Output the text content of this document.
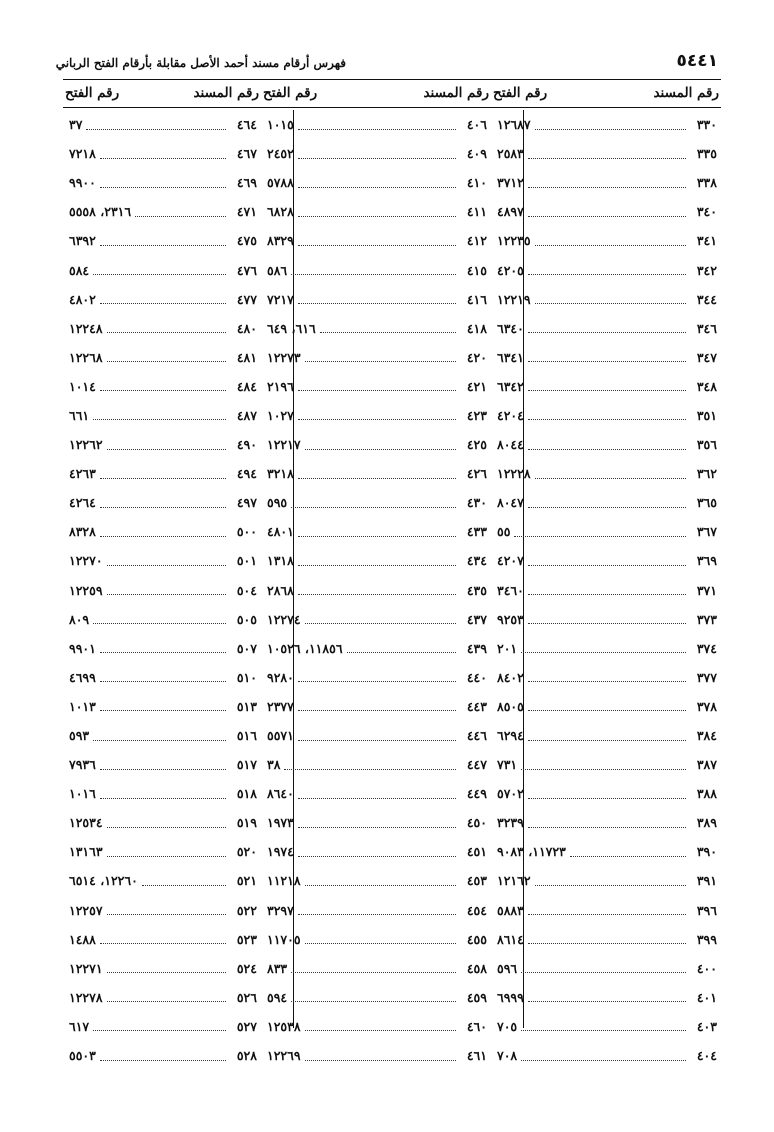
٥٤٤١
فهرس أرقام مسند أحمد الأصل مقابلة بأرقام الفتح الرباني
رقم المسند
رقم الفتح
رقم المسند
رقم الفتح
رقم المسند
رقم الفتح
٣٣٠
١٢٦٨٧
٣٣٥
٢٥٨٣
٣٣٨
٣٧١٢
٣٤٠
٤٨٩٧
٣٤١
١٢٢٣٥
٣٤٢
٤٢٠٥
٣٤٤
١٢٢١٩
٣٤٦
٦٣٤٠
٣٤٧
٦٣٤١
٣٤٨
٦٣٤٢
٣٥١
٤٢٠٤
٣٥٦
٨٠٤٤
٣٦٢
١٢٢٢٨
٣٦٥
٨٠٤٧
٣٦٧
٥٥
٣٦٩
٤٢٠٧
٣٧١
٣٤٦٠
٣٧٣
٩٢٥٣
٣٧٤
٢٠١
٣٧٧
٨٤٠٢
٣٧٨
٨٥٠٥
٣٨٤
٦٢٩٤
٣٨٧
٧٣١
٣٨٨
٥٧٠٢
٣٨٩
٣٢٣٩
٣٩٠
١١٧٢٣، ٩٠٨٣
٣٩١
١٢١٦٢
٣٩٦
٥٨٨٣
٣٩٩
٨٦١٤
٤٠٠
٥٩٦
٤٠١
٦٩٩٩
٤٠٣
٧٠٥
٤٠٤
٧٠٨
٤٠٦
١٠١٥
٤٠٩
٢٤٥٢
٤١٠
٥٧٨٨
٤١١
٦٨٢٨
٤١٢
٨٣٢٩
٤١٥
٥٨٦
٤١٦
٧٢١٧
٤١٨
٦١٦، ٦٤٩
٤٢٠
١٢٢٧٣
٤٢١
٢١٩٦
٤٢٣
١٠٢٧
٤٢٥
١٢٢١٧
٤٢٦
٣٢١٨
٤٣٠
٥٩٥
٤٣٣
٤٨٠١
٤٣٤
١٣١٨
٤٣٥
٢٨٦٨
٤٣٧
١٢٢٧٤
٤٣٩
١١٨٥٦، ١٠٥٢٦
٤٤٠
٩٢٨٠
٤٤٣
٢٣٧٧
٤٤٦
٥٥٧١
٤٤٧
٣٨
٤٤٩
٨٦٤٠
٤٥٠
١٩٧٣
٤٥١
١٩٧٤
٤٥٣
١١٢١٨
٤٥٤
٣٢٩٧
٤٥٥
١١٧٠٥
٤٥٨
٨٣٣
٤٥٩
٥٩٤
٤٦٠
١٢٥٣٨
٤٦١
١٢٢٦٩
٤٦٤
٣٧
٤٦٧
٧٢١٨
٤٦٩
٩٩٠٠
٤٧١
٢٣١٦، ٥٥٥٨
٤٧٥
٦٣٩٢
٤٧٦
٥٨٤
٤٧٧
٤٨٠٢
٤٨٠
١٢٢٤٨
٤٨١
١٢٢٦٨
٤٨٤
١٠١٤
٤٨٧
٦٦١
٤٩٠
١٢٢٦٢
٤٩٤
٤٢٦٣
٤٩٧
٤٢٦٤
٥٠٠
٨٣٢٨
٥٠١
١٢٢٧٠
٥٠٤
١٢٢٥٩
٥٠٥
٨٠٩
٥٠٧
٩٩٠١
٥١٠
٤٦٩٩
٥١٣
١٠١٣
٥١٦
٥٩٣
٥١٧
٧٩٣٦
٥١٨
١٠١٦
٥١٩
١٢٥٣٤
٥٢٠
١٣١٦٣
٥٢١
١٢٢٦٠، ٦٥١٤
٥٢٢
١٢٢٥٧
٥٢٣
١٤٨٨
٥٢٤
١٢٢٧١
٥٢٦
١٢٢٧٨
٥٢٧
٦١٧
٥٢٨
٥٥٠٣
